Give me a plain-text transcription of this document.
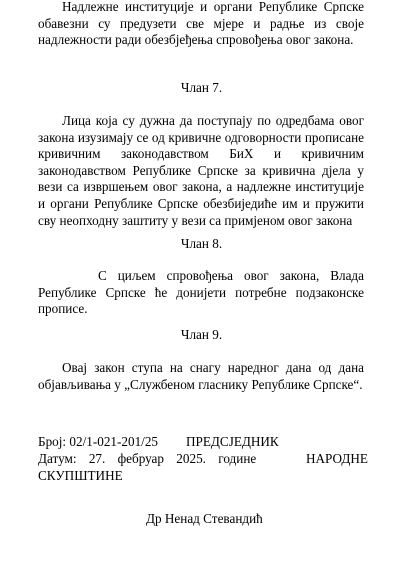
Надлежне институције и органи Републике Српске обавезни су предузети све мјере и радње из своје надлежности ради обезбјеђења спровођења овог закона.

Члан 7.

Лица која су дужна да поступају по одредбама овог закона изузимају се од кривичне одговорности прописане кривичним законодавством БиХ и кривичним законодавством Републике Српске за кривична дјела у вези са извршењем овог закона, а надлежне институције и органи Републике Српске обезбиједиће им и пружити сву неопходну заштиту у вези са примјеном овог закона

Члан 8.

С циљем спровођења овог закона, Влада Републике Српске ће донијети потребне подзаконске прописе.

Члан 9.

Овај закон ступа на снагу наредног дана од дана објављивања у „Службеном гласнику Републике Српске“.

Број: 02/1-021-201/25 ПРЕДСЈЕДНИК
Датум: 27. фебруар 2025. године	НАРОДНЕ
СКУПШТИНЕ
Др Ненад Стевандић
